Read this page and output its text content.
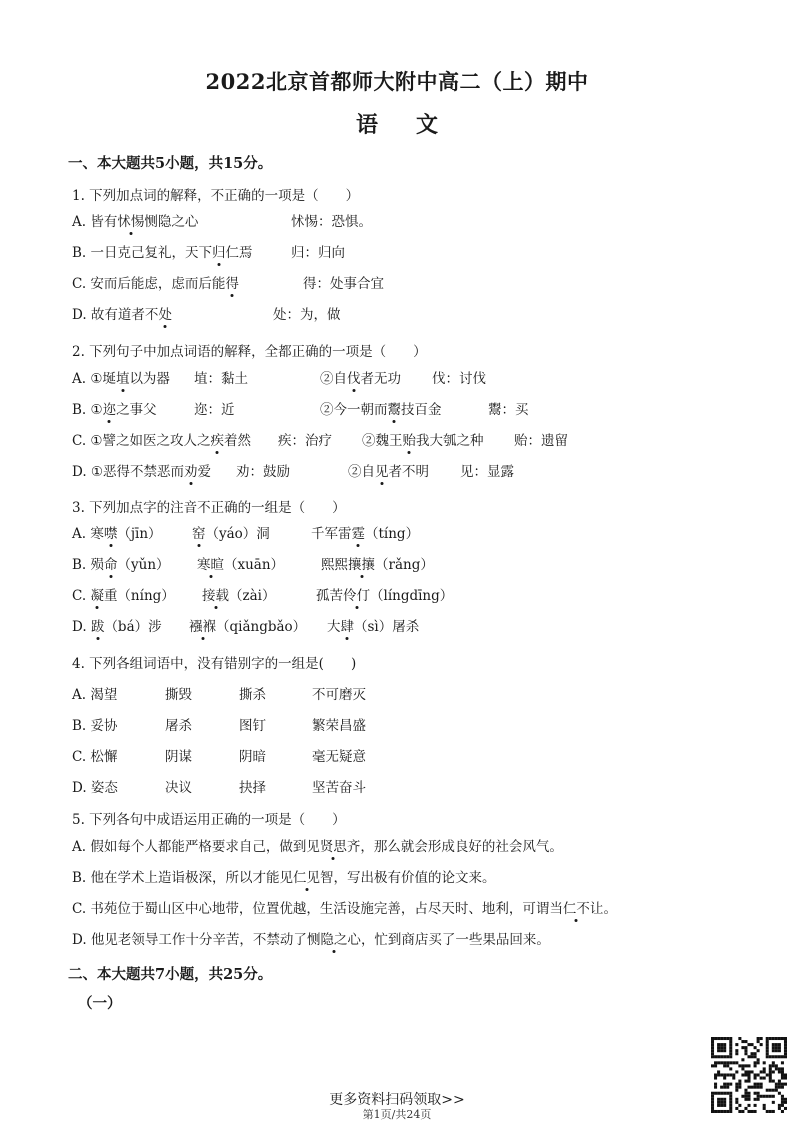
2022北京首都师大附中高二（上）期中
语文
一、本大题共5小题，共15分。
1. 下列加点词的解释，不正确的一项是（　　）
A. 皆有怵惕恻隐之心	怵惕：恐惧。
B. 一日克己复礼，天下归仁焉	归：归向
C. 安而后能虑，虑而后能得	得：处事合宜
D. 故有道者不处	处：为，做
2. 下列句子中加点词语的解释，全都正确的一项是（　　）
A. ①埏埴以为器 埴：黏土	②自伐者无功 伐：讨伐
B. ①迩之事父	迩：近	②今一朝而鬻技百金	鬻：买
C. ①譬之如医之攻人之疾着然 疾：治疗 ②魏王贻我大瓠之种 贻：遗留
D. ①恶得不禁恶而劝爱 劝：鼓励	②自见者不明 见：显露
3. 下列加点字的注音不正确的一组是（　　）
A. 寒噤（jīn） 窑（yáo）洞	千军雷霆（tíng）
B. 殒命（yǔn） 寒暄（xuān）	熙熙攘攘（rǎng）
C. 凝重（níng） 接载（zài）	孤苦伶仃（língdīng）
D. 跋（bá）涉 襁褓（qiǎngbǎo） 大肆（sì）屠杀
4. 下列各组词语中，没有错别字的一组是(　　)
A. 渴望	撕毁	撕杀	不可磨灭
B. 妥协	屠杀	图钉	繁荣昌盛
C. 松懈	阴谋	阴暗	毫无疑意
D. 姿态	决议	抉择	坚苦奋斗
5. 下列各句中成语运用正确的一项是（　　）
A. 假如每个人都能严格要求自己，做到见贤思齐，那么就会形成良好的社会风气。
B. 他在学术上造诣极深，所以才能见仁见智，写出极有价值的论文来。
C. 书苑位于蜀山区中心地带，位置优越，生活设施完善，占尽天时、地利，可谓当仁不让。
D. 他见老领导工作十分辛苦，不禁动了恻隐之心，忙到商店买了一些果品回来。
二、本大题共7小题，共25分。
（一）
更多资料扫码领取>>
第1页/共24页
